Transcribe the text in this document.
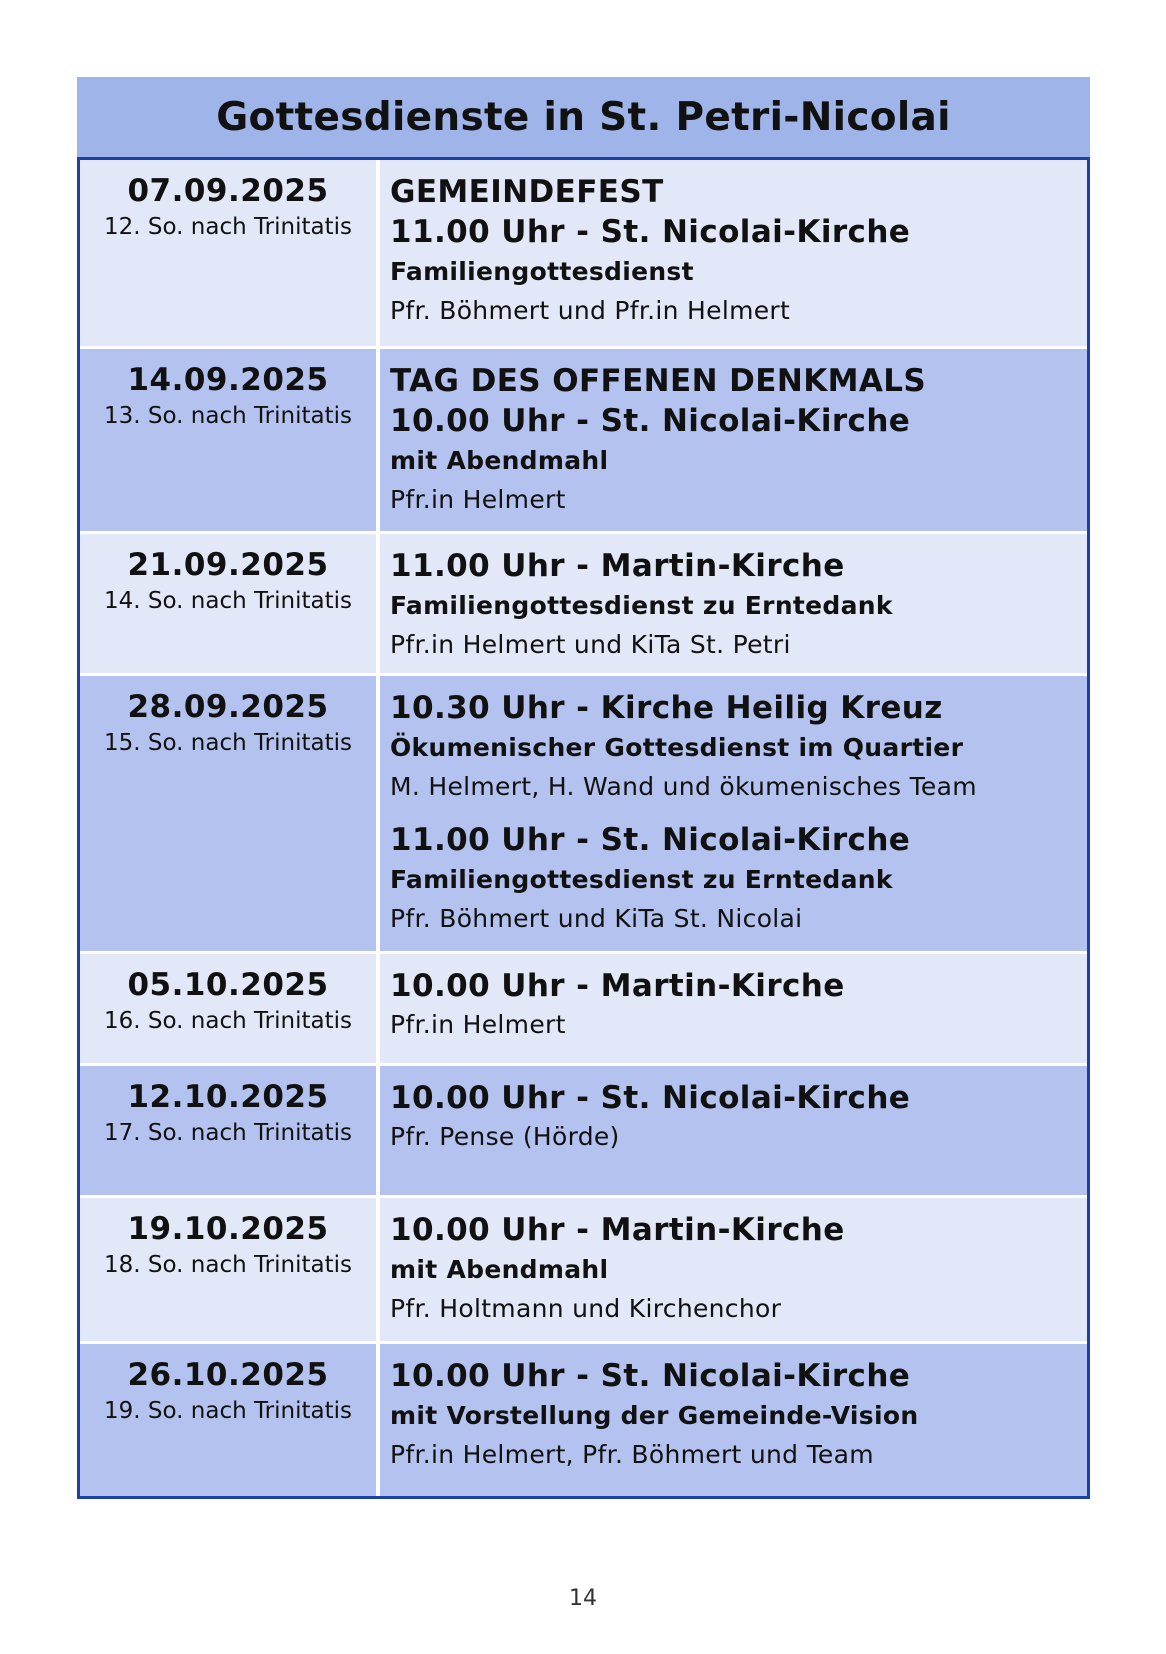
Gottesdienste in St. Petri-Nicolai
07.09.2025
12. So. nach Trinitatis
GEMEINDEFEST
11.00 Uhr - St. Nicolai-Kirche
Familiengottesdienst
Pfr. Böhmert und Pfr.in Helmert
14.09.2025
13. So. nach Trinitatis
TAG DES OFFENEN DENKMALS
10.00 Uhr - St. Nicolai-Kirche
mit Abendmahl
Pfr.in Helmert
21.09.2025
14. So. nach Trinitatis
11.00 Uhr - Martin-Kirche
Familiengottesdienst zu Erntedank
Pfr.in Helmert und KiTa St. Petri
28.09.2025
15. So. nach Trinitatis
10.30 Uhr - Kirche Heilig Kreuz
Ökumenischer Gottesdienst im Quartier
M. Helmert, H. Wand und ökumenisches Team
11.00 Uhr - St. Nicolai-Kirche
Familiengottesdienst zu Erntedank
Pfr. Böhmert und KiTa St. Nicolai
05.10.2025
16. So. nach Trinitatis
10.00 Uhr - Martin-Kirche
Pfr.in Helmert
12.10.2025
17. So. nach Trinitatis
10.00 Uhr - St. Nicolai-Kirche
Pfr. Pense (Hörde)
19.10.2025
18. So. nach Trinitatis
10.00 Uhr - Martin-Kirche
mit Abendmahl
Pfr. Holtmann und Kirchenchor
26.10.2025
19. So. nach Trinitatis
10.00 Uhr - St. Nicolai-Kirche
mit Vorstellung der Gemeinde-Vision
Pfr.in Helmert, Pfr. Böhmert und Team
14
